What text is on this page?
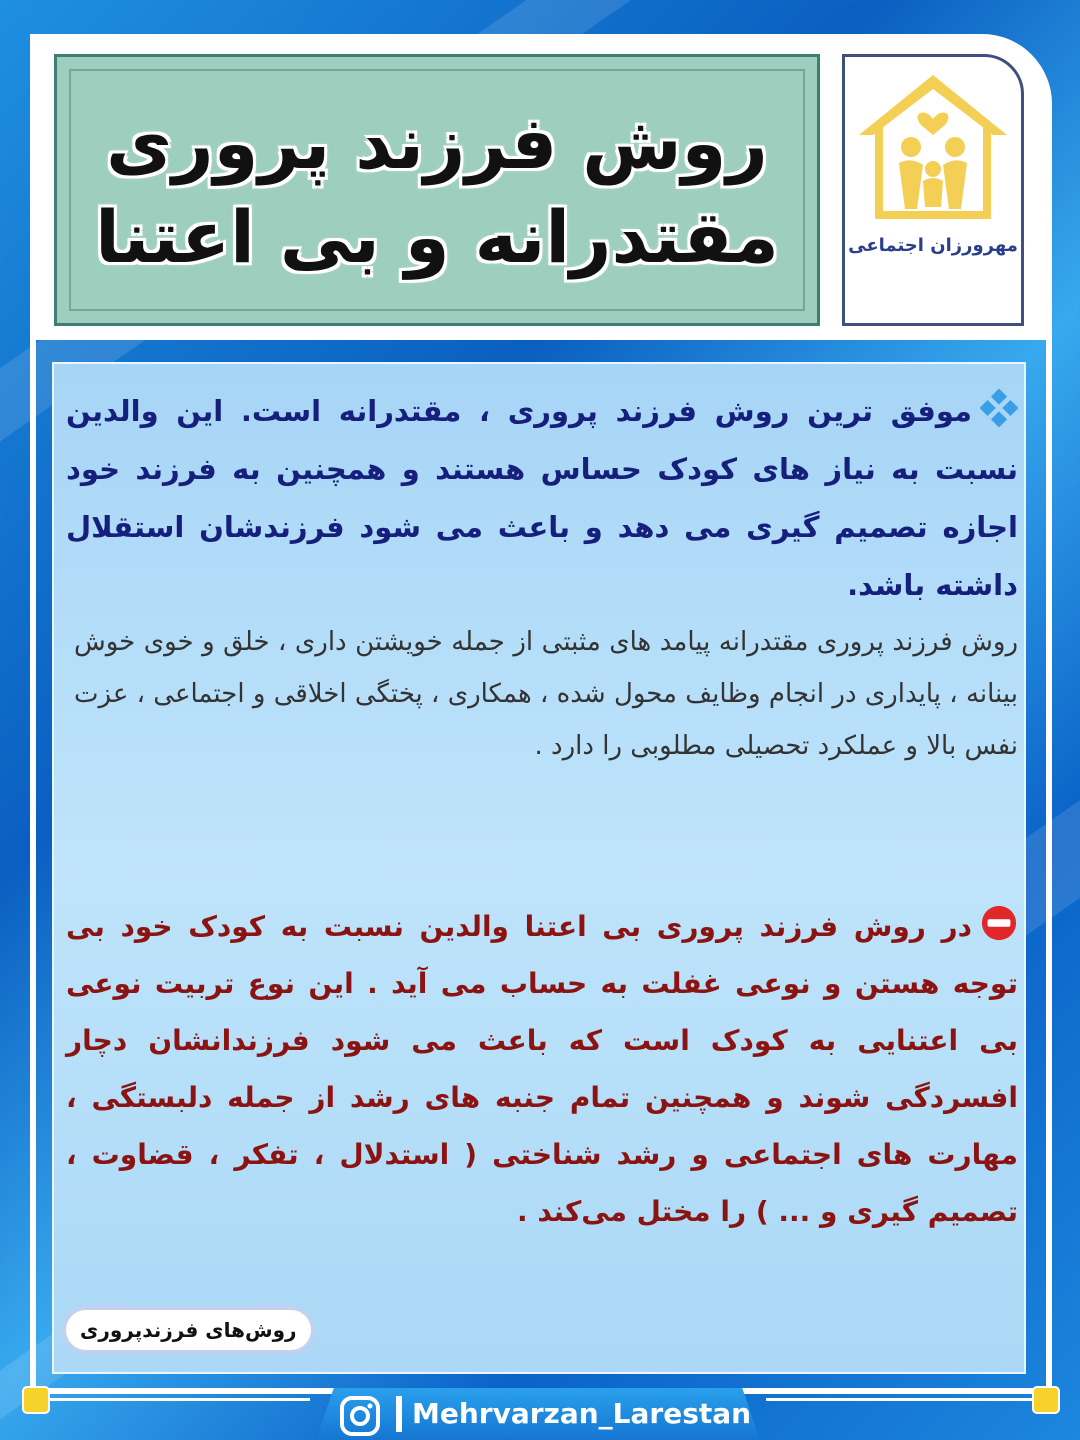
روش فرزند پروری
مقتدرانه و بی اعتنا	مهرورزان اجتماعی
موفق ترین روش فرزند پروری ، مقتدرانه است. این والدین نسبت به نیاز های کودک حساس هستند و همچنین به فرزند خود اجازه تصمیم گیری می دهد و باعث می شود فرزندشان استقلال داشته باشد.
روش فرزند پروری مقتدرانه پیامد های مثبتی از جمله خویشتن داری ، خلق و خوی خوش بینانه ، پایداری در انجام وظایف محول شده ، همکاری ، پختگی اخلاقی و اجتماعی ، عزت نفس بالا و عملکرد تحصیلی مطلوبی را دارد .
در روش فرزند پروری بی اعتنا والدین نسبت به کودک خود بی توجه هستن و نوعی غفلت به حساب می آید . این نوع تربیت نوعی بی اعتنایی به کودک است که باعث می شود فرزندانشان دچار افسردگی شوند و همچنین تمام جنبه های رشد از جمله دلبستگی ، مهارت های اجتماعی و رشد شناختی ( استدلال ، تفکر ، قضاوت ، تصمیم گیری و ... ) را مختل می‌کند .
روش‌های فرزندپروری
Mehrvarzan_Larestan
